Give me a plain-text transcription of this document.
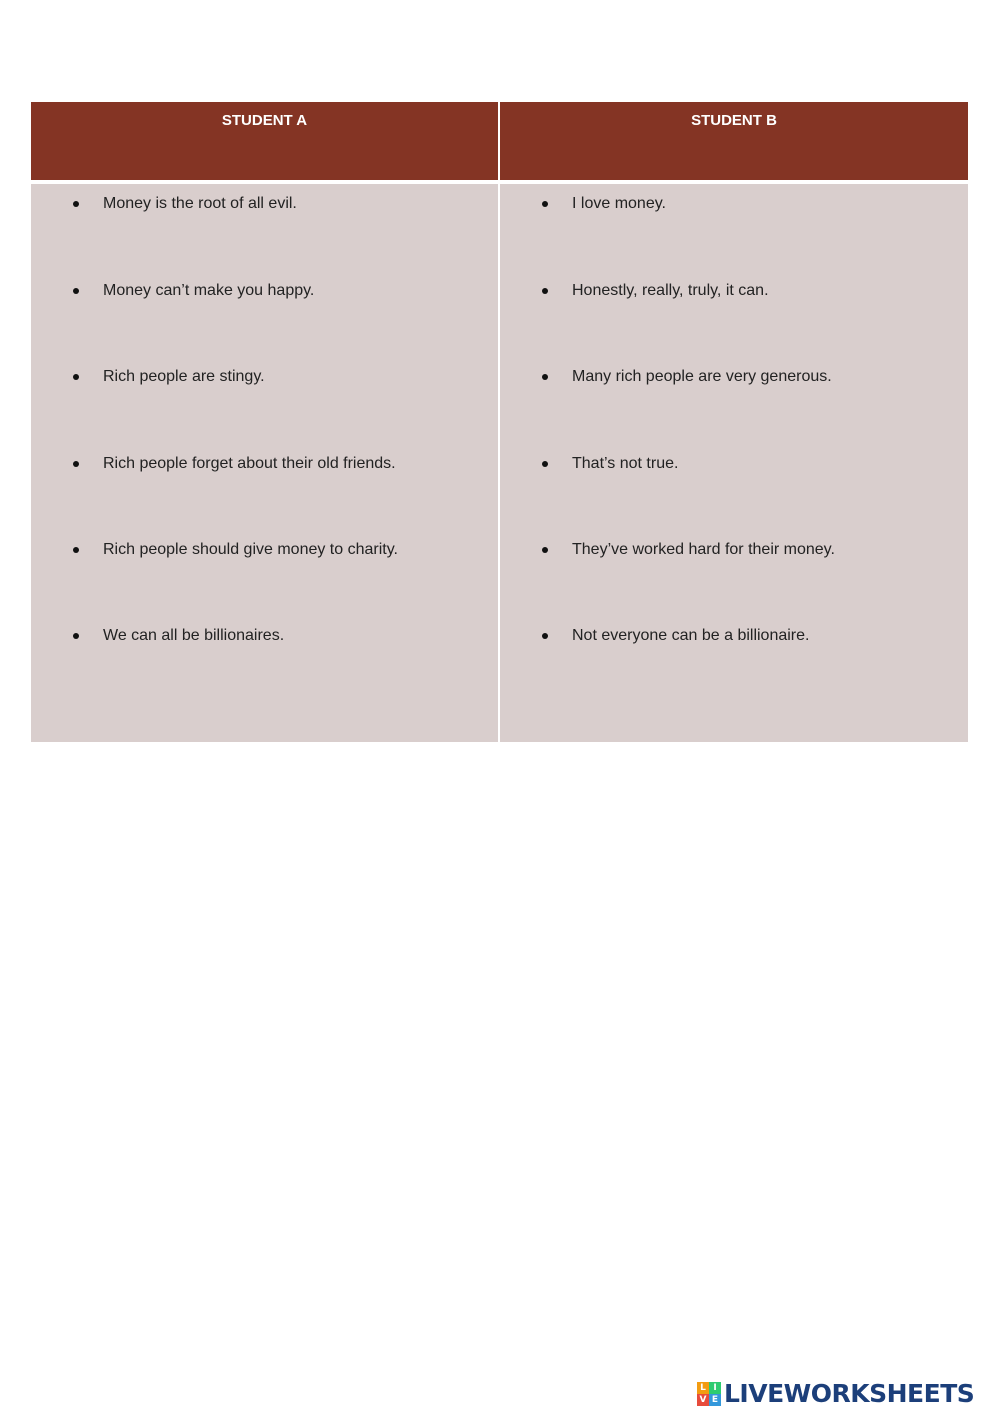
STUDENT A
Money is the root of all evil.
Money can’t make you happy.
Rich people are stingy.
Rich people forget about their old friends.
Rich people should give money to charity.
We can all be billionaires.
STUDENT B
I love money.
Honestly, really, truly, it can.
Many rich people are very generous.
That’s not true.
They’ve worked hard for their money.
Not everyone can be a billionaire.
L I
V E LIVEWORKSHEETS
